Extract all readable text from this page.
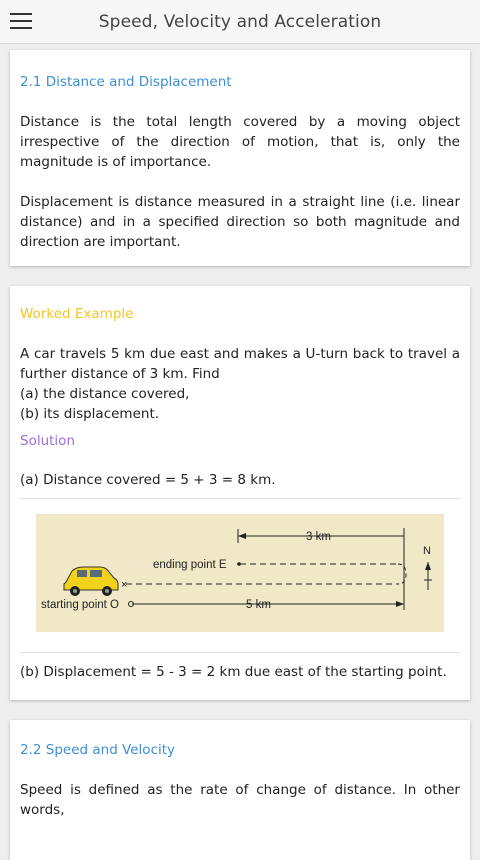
Speed, Velocity and Acceleration
2.1 Distance and Displacement
Distance is the total length covered by a moving object irrespective of the direction of motion, that is, only the magnitude is of importance.
Displacement is distance measured in a straight line (i.e. linear distance) and in a specified direction so both magnitude and direction are important.
Worked Example
A car travels 5 km due east and makes a U-turn back to travel a further distance of 3 km. Find
(a) the distance covered,
(b) its displacement.
Solution
(a) Distance covered = 5 + 3 = 8 km.
3 km
ending point E
×
5 km
starting point O
N
(b) Displacement = 5 - 3 = 2 km due east of the starting point.
2.2 Speed and Velocity
Speed is defined as the rate of change of distance. In other words,
